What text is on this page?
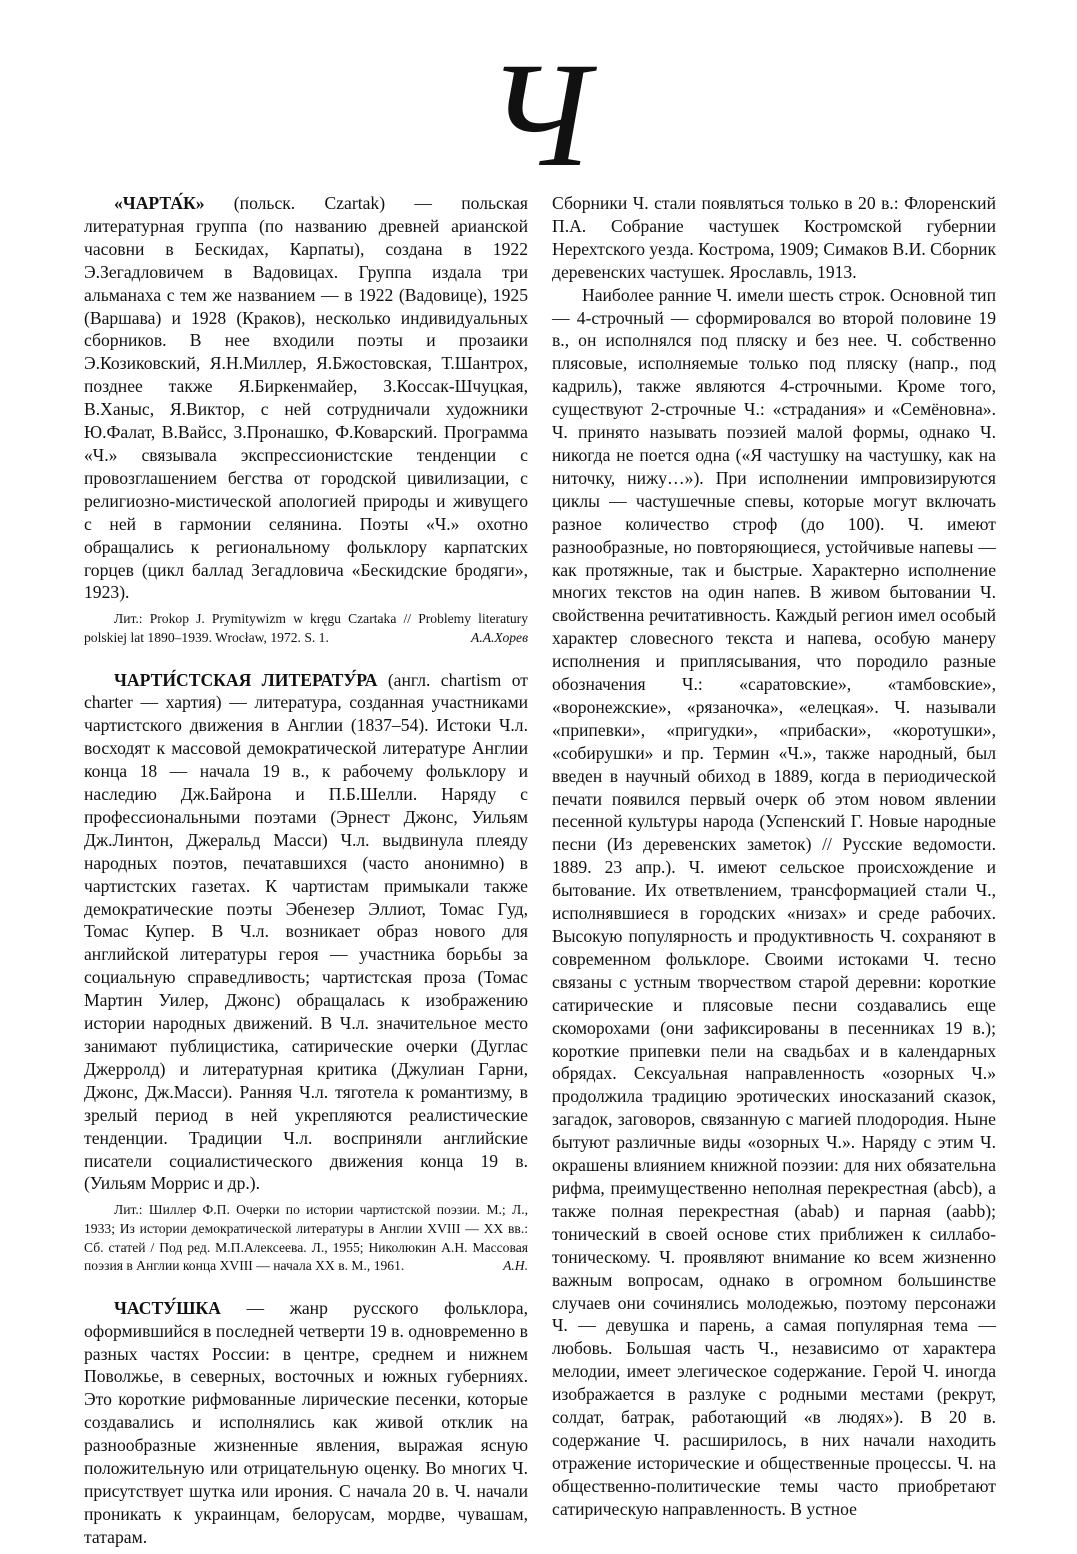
Ч

«ЧАРТА́К» (польск. Czartak) — польская литературная группа (по названию древней арианской часовни в Бескидах, Карпаты), создана в 1922 Э.Зегадловичем в Вадовицах. Группа издала три альманаха с тем же названием — в 1922 (Вадовице), 1925 (Варшава) и 1928 (Краков), несколько индивидуальных сборников. В нее входили поэты и прозаики Э.Козиковский, Я.Н.Миллер, Я.Бжостовская, Т.Шантрох, позднее также Я.Биркенмайер, З.Коссак-Шчуцкая, В.Ханыс, Я.Виктор, с ней сотрудничали художники Ю.Фалат, В.Вайсс, З.Пронашко, Ф.Коварский. Программа «Ч.» связывала экспрессионистские тенденции с провозглашением бегства от городской цивилизации, с религиозно-мистической апологией природы и живущего с ней в гармонии селянина. Поэты «Ч.» охотно обращались к региональному фольклору карпатских горцев (цикл баллад Зегадловича «Бескидские бродяги», 1923).

Лит.: Prokop J. Prymitywizm w kręgu Czartaka // Problemy literatury polskiej lat 1890–1939. Wrocław, 1972. S. 1.	А.А.Хорев

ЧАРТИ́СТСКАЯ ЛИТЕРАТУ́РА (англ. chartism от charter — хартия) — литература, созданная участниками чартистского движения в Англии (1837–54). Истоки Ч.л. восходят к массовой демократической литературе Англии конца 18 — начала 19 в., к рабочему фольклору и наследию Дж.Байрона и П.Б.Шелли. Наряду с профессиональными поэтами (Эрнест Джонс, Уильям Дж.Линтон, Джеральд Масси) Ч.л. выдвинула плеяду народных поэтов, печатавшихся (часто анонимно) в чартистских газетах. К чартистам примыкали также демократические поэты Эбенезер Эллиот, Томас Гуд, Томас Купер. В Ч.л. возникает образ нового для английской литературы героя — участника борьбы за социальную справедливость; чартистская проза (Томас Мартин Уилер, Джонс) обращалась к изображению истории народных движений. В Ч.л. значительное место занимают публицистика, сатирические очерки (Дуглас Джерролд) и литературная критика (Джулиан Гарни, Джонс, Дж.Масси). Ранняя Ч.л. тяготела к романтизму, в зрелый период в ней укрепляются реалистические тенденции. Традиции Ч.л. восприняли английские писатели социалистического движения конца 19 в. (Уильям Моррис и др.).

Лит.: Шиллер Ф.П. Очерки по истории чартистской поэзии. М.; Л., 1933; Из истории демократической литературы в Англии XVIII — XX вв.: Сб. статей / Под ред. М.П.Алексеева. Л., 1955; Николюкин А.Н. Массовая поэзия в Англии конца XVIII — начала XX в. М., 1961.	А.Н.

ЧАСТУ́ШКА — жанр русского фольклора, оформившийся в последней четверти 19 в. одновременно в разных частях России: в центре, среднем и нижнем Поволжье, в северных, восточных и южных губерниях. Это короткие рифмованные лирические песенки, которые создавались и исполнялись как живой отклик на разнообразные жизненные явления, выражая ясную положительную или отрицательную оценку. Во многих Ч. присутствует шутка или ирония. С начала 20 в. Ч. начали проникать к украинцам, белорусам, мордве, чувашам, татарам.

Сборники Ч. стали появляться только в 20 в.: Флоренский П.А. Собрание частушек Костромской губернии Нерехтского уезда. Кострома, 1909; Симаков В.И. Сборник деревенских частушек. Ярославль, 1913.

Наиболее ранние Ч. имели шесть строк. Основной тип — 4-строчный — сформировался во второй половине 19 в., он исполнялся под пляску и без нее. Ч. собственно плясовые, исполняемые только под пляску (напр., под кадриль), также являются 4-строчными. Кроме того, существуют 2-строчные Ч.: «страдания» и «Семёновна». Ч. принято называть поэзией малой формы, однако Ч. никогда не поется одна («Я частушку на частушку, как на ниточку, нижу…»). При исполнении импровизируются циклы — частушечные спевы, которые могут включать разное количество строф (до 100). Ч. имеют разнообразные, но повторяющиеся, устойчивые напевы — как протяжные, так и быстрые. Характерно исполнение многих текстов на один напев. В живом бытовании Ч. свойственна речитативность. Каждый регион имел особый характер словесного текста и напева, особую манеру исполнения и приплясывания, что породило разные обозначения Ч.: «саратовские», «тамбовские», «воронежские», «рязаночка», «елецкая». Ч. называли «припевки», «пригудки», «прибаски», «коротушки», «собирушки» и пр. Термин «Ч.», также народный, был введен в научный обиход в 1889, когда в периодической печати появился первый очерк об этом новом явлении песенной культуры народа (Успенский Г. Новые народные песни (Из деревенских заметок) // Русские ведомости. 1889. 23 апр.). Ч. имеют сельское происхождение и бытование. Их ответвлением, трансформацией стали Ч., исполнявшиеся в городских «низах» и среде рабочих. Высокую популярность и продуктивность Ч. сохраняют в современном фольклоре. Своими истоками Ч. тесно связаны с устным творчеством старой деревни: короткие сатирические и плясовые песни создавались еще скоморохами (они зафиксированы в песенниках 19 в.); короткие припевки пели на свадьбах и в календарных обрядах. Сексуальная направленность «озорных Ч.» продолжила традицию эротических иносказаний сказок, загадок, заговоров, связанную с магией плодородия. Ныне бытуют различные виды «озорных Ч.». Наряду с этим Ч. окрашены влиянием книжной поэзии: для них обязательна рифма, преимущественно неполная перекрестная (abcb), а также полная перекрестная (abab) и парная (aabb); тонический в своей основе стих приближен к силлабо-тоническому. Ч. проявляют внимание ко всем жизненно важным вопросам, однако в огромном большинстве случаев они сочинялись молодежью, поэтому персонажи Ч. — девушка и парень, а самая популярная тема — любовь. Большая часть Ч., независимо от характера мелодии, имеет элегическое содержание. Герой Ч. иногда изображается в разлуке с родными местами (рекрут, солдат, батрак, работающий «в людях»). В 20 в. содержание Ч. расширилось, в них начали находить отражение исторические и общественные процессы. Ч. на общественно-политические темы часто приобретают сатирическую направленность. В устное
